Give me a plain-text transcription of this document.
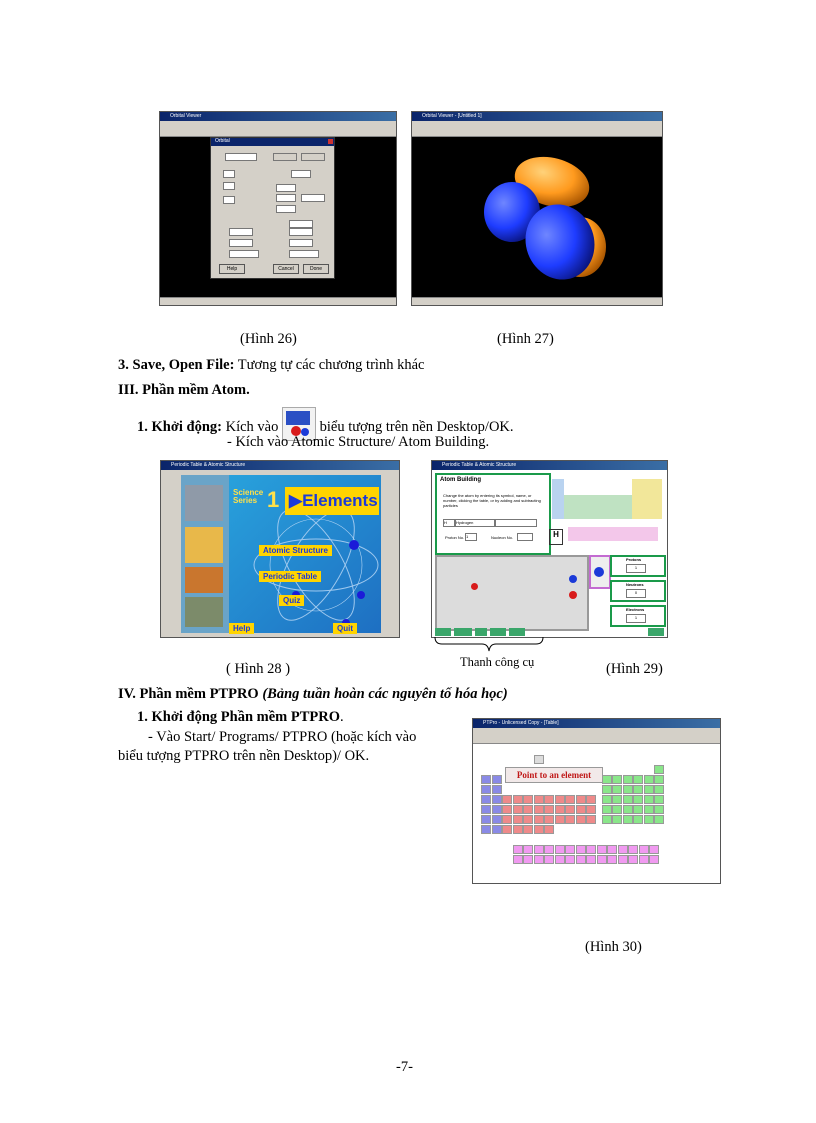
Orbital Viewer
Orbital
Help	Cancel	Done
(Hình 26)
Orbital Viewer - [Untitled 1]
(Hình 27)
3. Save, Open File: Tương tự các chương trình khác
III. Phần mềm Atom.
1. Khởi động: Kích vào
biểu tượng trên nền Desktop/OK.
- Kích vào Atomic Structure/ Atom Building.
Periodic Table & Atomic Structure
Science Series 1 ▶Elements
Atomic Structure
Periodic Table
Quiz
Help	Quit
Periodic Table & Atomic Structure
Atom Building
Change the atom by entering its symbol, name, or number, clicking the table, or by adding and subtracting particles
H	Hydrogen
Proton No. 1	Nucleon No.	H
Protons
1
Neutrons
0
Electrons
1
Thanh công cụ
( Hình 28 )	(Hình 29)
IV. Phần mềm PTPRO (Bảng tuần hoàn các nguyên tố hóa học)
1. Khởi động Phần mềm PTPRO.
- Vào Start/ Programs/ PTPRO (hoặc kích vào
biểu tượng PTPRO trên nền Desktop)/ OK.
PTPro - Unlicensed Copy - [Table]
Point to an element
(Hình 30)
-7-
